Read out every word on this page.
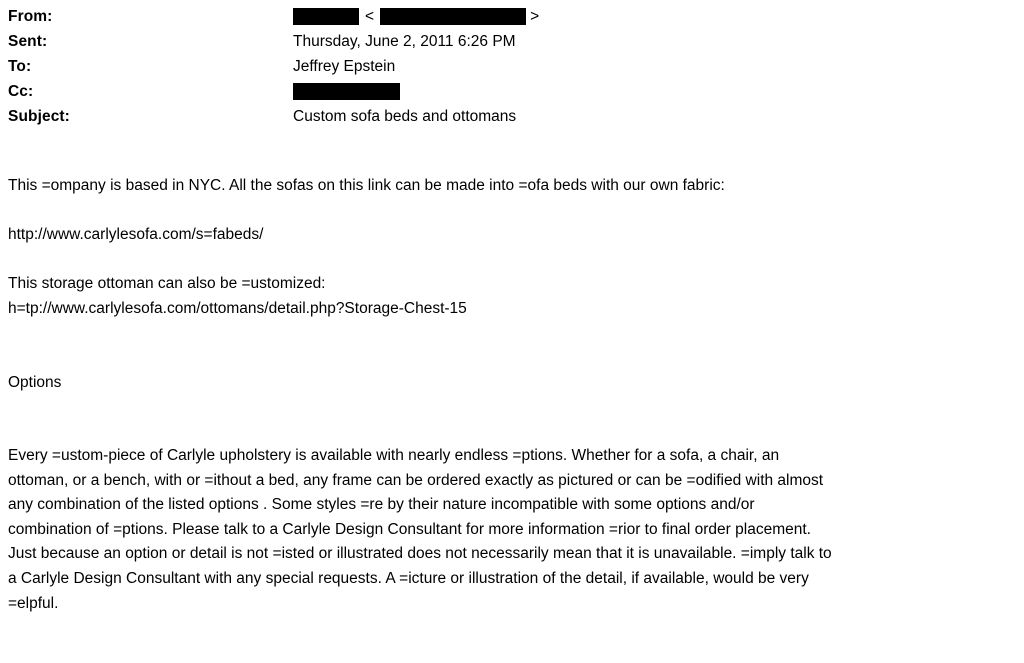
From:	<	>
Sent:	Thursday, June 2, 2011 6:26 PM
To:	Jeffrey Epstein
Cc:
Subject:	Custom sofa beds and ottomans
This =ompany is based in NYC. All the sofas on this link can be made into =ofa beds with our own fabric:
http://www.carlylesofa.com/s=fabeds/
This storage ottoman can also be =ustomized:
h=tp://www.carlylesofa.com/ottomans/detail.php?Storage-Chest-15
Options

Every =ustom-piece of Carlyle upholstery is available with nearly endless =ptions. Whether for a sofa, a chair, an

ottoman, or a bench, with or =ithout a bed, any frame can be ordered exactly as pictured or can be =odified with almost

any combination of the listed options . Some styles =re by their nature incompatible with some options and/or

combination of =ptions. Please talk to a Carlyle Design Consultant for more information =rior to final order placement.

Just because an option or detail is not =isted or illustrated does not necessarily mean that it is unavailable. =imply talk to

a Carlyle Design Consultant with any special requests. A =icture or illustration of the detail, if available, would be very

=elpful.
